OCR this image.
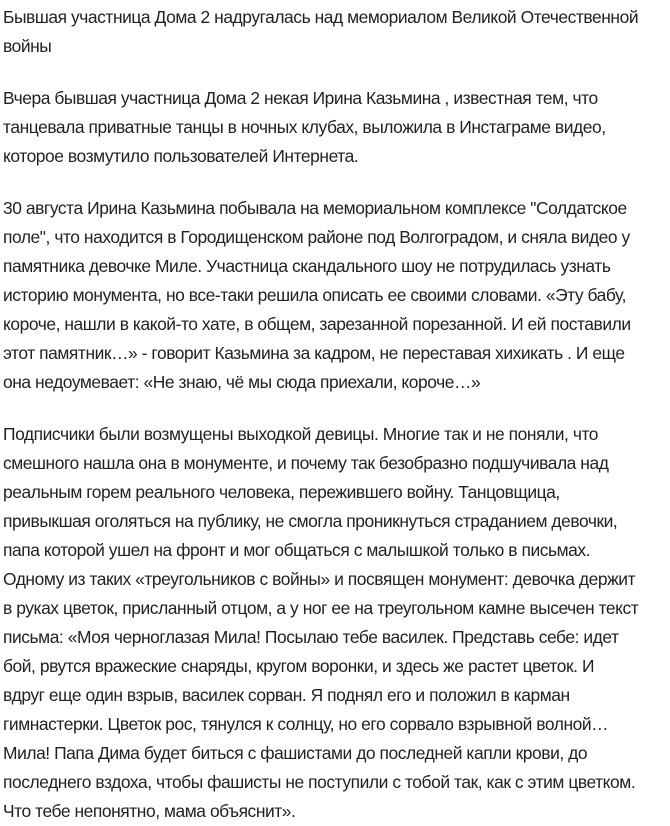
Бывшая участница Дома 2 надругалась над мемориалом Великой Отечественной
войны
Вчера бывшая участница Дома 2 некая Ирина Казьмина , известная тем, что
танцевала приватные танцы в ночных клубах, выложила в Инстаграме видео,
которое возмутило пользователей Интернета.
30 августа Ирина Казьмина побывала на мемориальном комплексе "Солдатское
поле", что находится в Городищенском районе под Волгоградом, и сняла видео у
памятника девочке Миле. Участница скандального шоу не потрудилась узнать
историю монумента, но все-таки решила описать ее своими словами. «Эту бабу,
короче, нашли в какой-то хате, в общем, зарезанной порезанной. И ей поставили
этот памятник…» - говорит Казьмина за кадром, не переставая хихикать . И еще
она недоумевает: «Не знаю, чё мы сюда приехали, короче…»
Подписчики были возмущены выходкой девицы. Многие так и не поняли, что
смешного нашла она в монументе, и почему так безобразно подшучивала над
реальным горем реального человека, пережившего войну. Танцовщица,
привыкшая оголяться на публику, не смогла проникнуться страданием девочки,
папа которой ушел на фронт и мог общаться с малышкой только в письмах.
Одному из таких «треугольников с войны» и посвящен монумент: девочка держит
в руках цветок, присланный отцом, а у ног ее на треугольном камне высечен текст
письма: «Моя черноглазая Мила! Посылаю тебе василек. Представь себе: идет
бой, рвутся вражеские снаряды, кругом воронки, и здесь же растет цветок. И
вдруг еще один взрыв, василек сорван. Я поднял его и положил в карман
гимнастерки. Цветок рос, тянулся к солнцу, но его сорвало взрывной волной…
Мила! Папа Дима будет биться с фашистами до последней капли крови, до
последнего вздоха, чтобы фашисты не поступили с тобой так, как с этим цветком.
Что тебе непонятно, мама объяснит».
